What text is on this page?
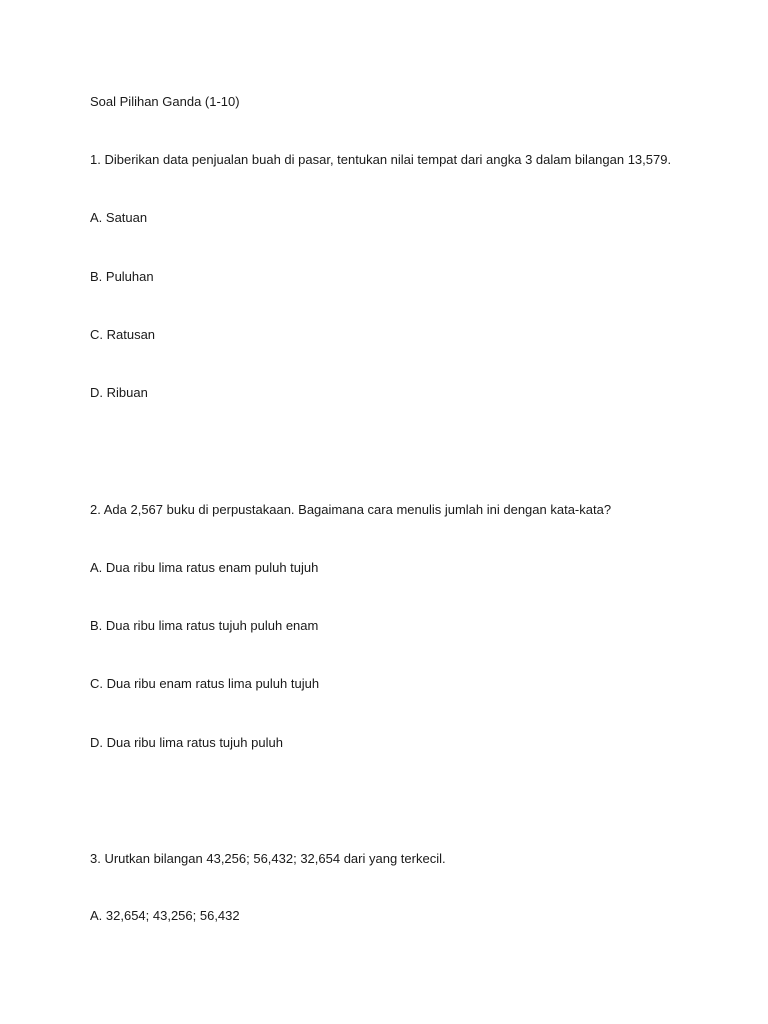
Soal Pilihan Ganda (1-10)

1. Diberikan data penjualan buah di pasar, tentukan nilai tempat dari angka 3 dalam bilangan 13,579.

A. Satuan

B. Puluhan

C. Ratusan

D. Ribuan

2. Ada 2,567 buku di perpustakaan. Bagaimana cara menulis jumlah ini dengan kata-kata?

A. Dua ribu lima ratus enam puluh tujuh

B. Dua ribu lima ratus tujuh puluh enam

C. Dua ribu enam ratus lima puluh tujuh

D. Dua ribu lima ratus tujuh puluh

3. Urutkan bilangan 43,256; 56,432; 32,654 dari yang terkecil.

A. 32,654; 43,256; 56,432
